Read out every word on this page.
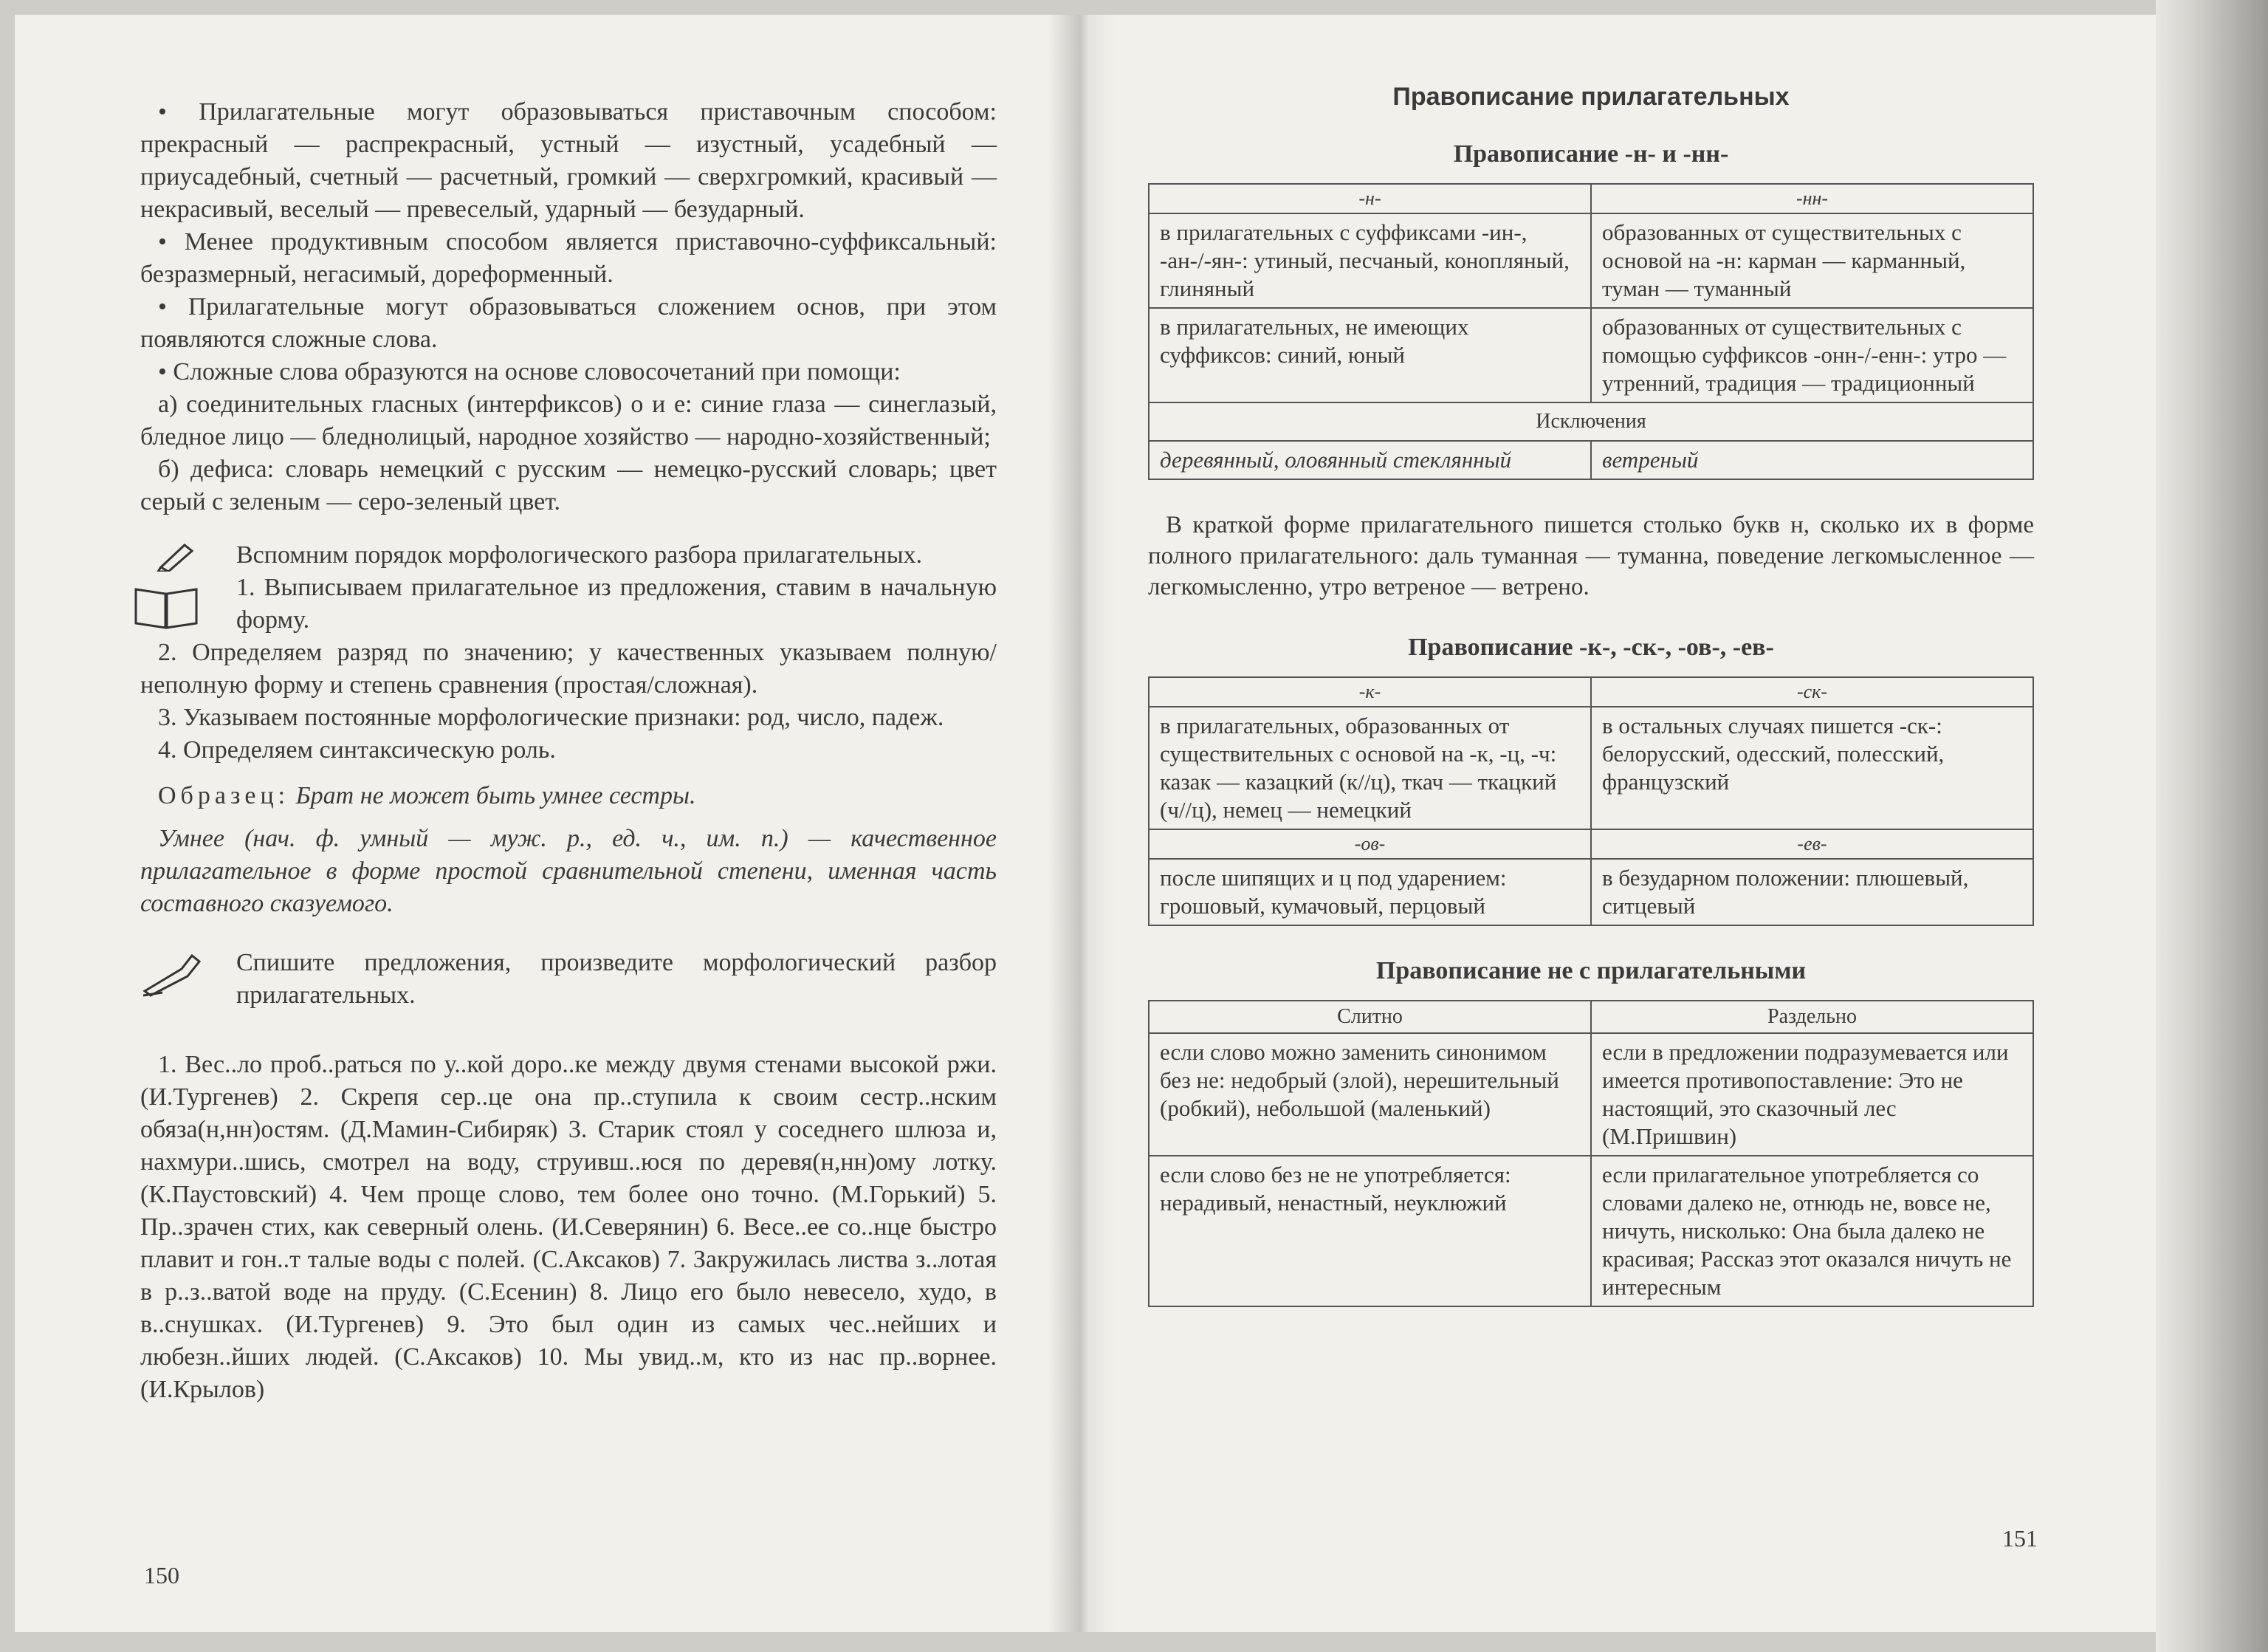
• Прилагательные могут образовываться приставочным способом: прекрасный — распрекрасный, устный — изустный, усадебный — приусадебный, счетный — расчетный, громкий — сверхгромкий, красивый — некрасивый, веселый — превеселый, ударный — безударный.

• Менее продуктивным способом является приставочно-суффиксальный: безразмерный, негасимый, дореформенный.

• Прилагательные могут образовываться сложением основ, при этом появляются сложные слова.

• Сложные слова образуются на основе словосочетаний при помощи:

а) соединительных гласных (интерфиксов) о и е: синие глаза — синеглазый, бледное лицо — бледнолицый, народное хозяйство — народно-хозяйственный;

б) дефиса: словарь немецкий с русским — немецко-русский словарь; цвет серый с зеленым — серо-зеленый цвет.

Вспомним порядок морфологического разбора прилагательных.

1. Выписываем прилагательное из предложения, ставим в начальную форму.

2. Определяем разряд по значению; у качественных указываем полную/неполную форму и степень сравнения (простая/сложная).

3. Указываем постоянные морфологические признаки: род, число, падеж.

4. Определяем синтаксическую роль.

Образец: Брат не может быть умнее сестры.

Умнее (нач. ф. умный — муж. р., ед. ч., им. п.) — качественное прилагательное в форме простой сравнительной степени, именная часть составного сказуемого.

Спишите предложения, произведите морфологический разбор прилагательных.

1. Вес..ло проб..раться по у..кой доро..ке между двумя стенами высокой ржи. (И.Тургенев) 2. Скрепя сер..це она пр..ступила к своим сестр..нским обяза(н,нн)остям. (Д.Мамин-Сибиряк) 3. Старик стоял у соседнего шлюза и, нахмури..шись, смотрел на воду, струивш..юся по деревя(н,нн)ому лотку. (К.Паустовский) 4. Чем проще слово, тем более оно точно. (М.Горький) 5. Пр..зрачен стих, как северный олень. (И.Северянин) 6. Весе..ее со..нце быстро плавит и гон..т талые воды с полей. (С.Аксаков) 7. Закружилась листва з..лотая в р..з..ватой воде на пруду. (С.Есенин) 8. Лицо его было невесело, худо, в в..снушках. (И.Тургенев) 9. Это был один из самых чес..нейших и любезн..йших людей. (С.Аксаков) 10. Мы увид..м, кто из нас пр..ворнее. (И.Крылов)

150
Правописание прилагательных
Правописание -н- и -нн-
-н-	-нн-
в прилагательных с суффиксами -ин-, -ан-/-ян-: утиный, песчаный, конопляный, глиняный	образованных от существительных с основой на -н: карман — карманный, туман — туманный
в прилагательных, не имеющих суффиксов: синий, юный	образованных от существительных с помощью суффиксов -онн-/-енн-: утро — утренний, традиция — традиционный
Исключения	
деревянный, оловянный стеклянный	ветреный

В краткой форме прилагательного пишется столько букв н, сколько их в форме полного прилагательного: даль туманная — туманна, поведение легкомысленное — легкомысленно, утро ветреное — ветрено.

Правописание -к-, -ск-, -ов-, -ев-
-к-	-ск-
в прилагательных, образованных от существительных с основой на -к, -ц, -ч: казак — казацкий (к//ц), ткач — ткацкий (ч//ц), немец — немецкий	в остальных случаях пишется -ск-: белорусский, одесский, полесский, французский
-ов-	-ев-
после шипящих и ц под ударением: грошовый, кумачовый, перцовый	в безударном положении: плюшевый, ситцевый
Правописание не с прилагательными
Слитно	Раздельно
если слово можно заменить синонимом без не: недобрый (злой), нерешительный (робкий), небольшой (маленький)	если в предложении подразумевается или имеется противопоставление: Это не настоящий, это сказочный лес (М.Пришвин)
если слово без не не употребляется: нерадивый, ненастный, неуклюжий	если прилагательное употребляется со словами далеко не, отнюдь не, вовсе не, ничуть, нисколько: Она была далеко не красивая; Рассказ этот оказался ничуть не интересным
151
